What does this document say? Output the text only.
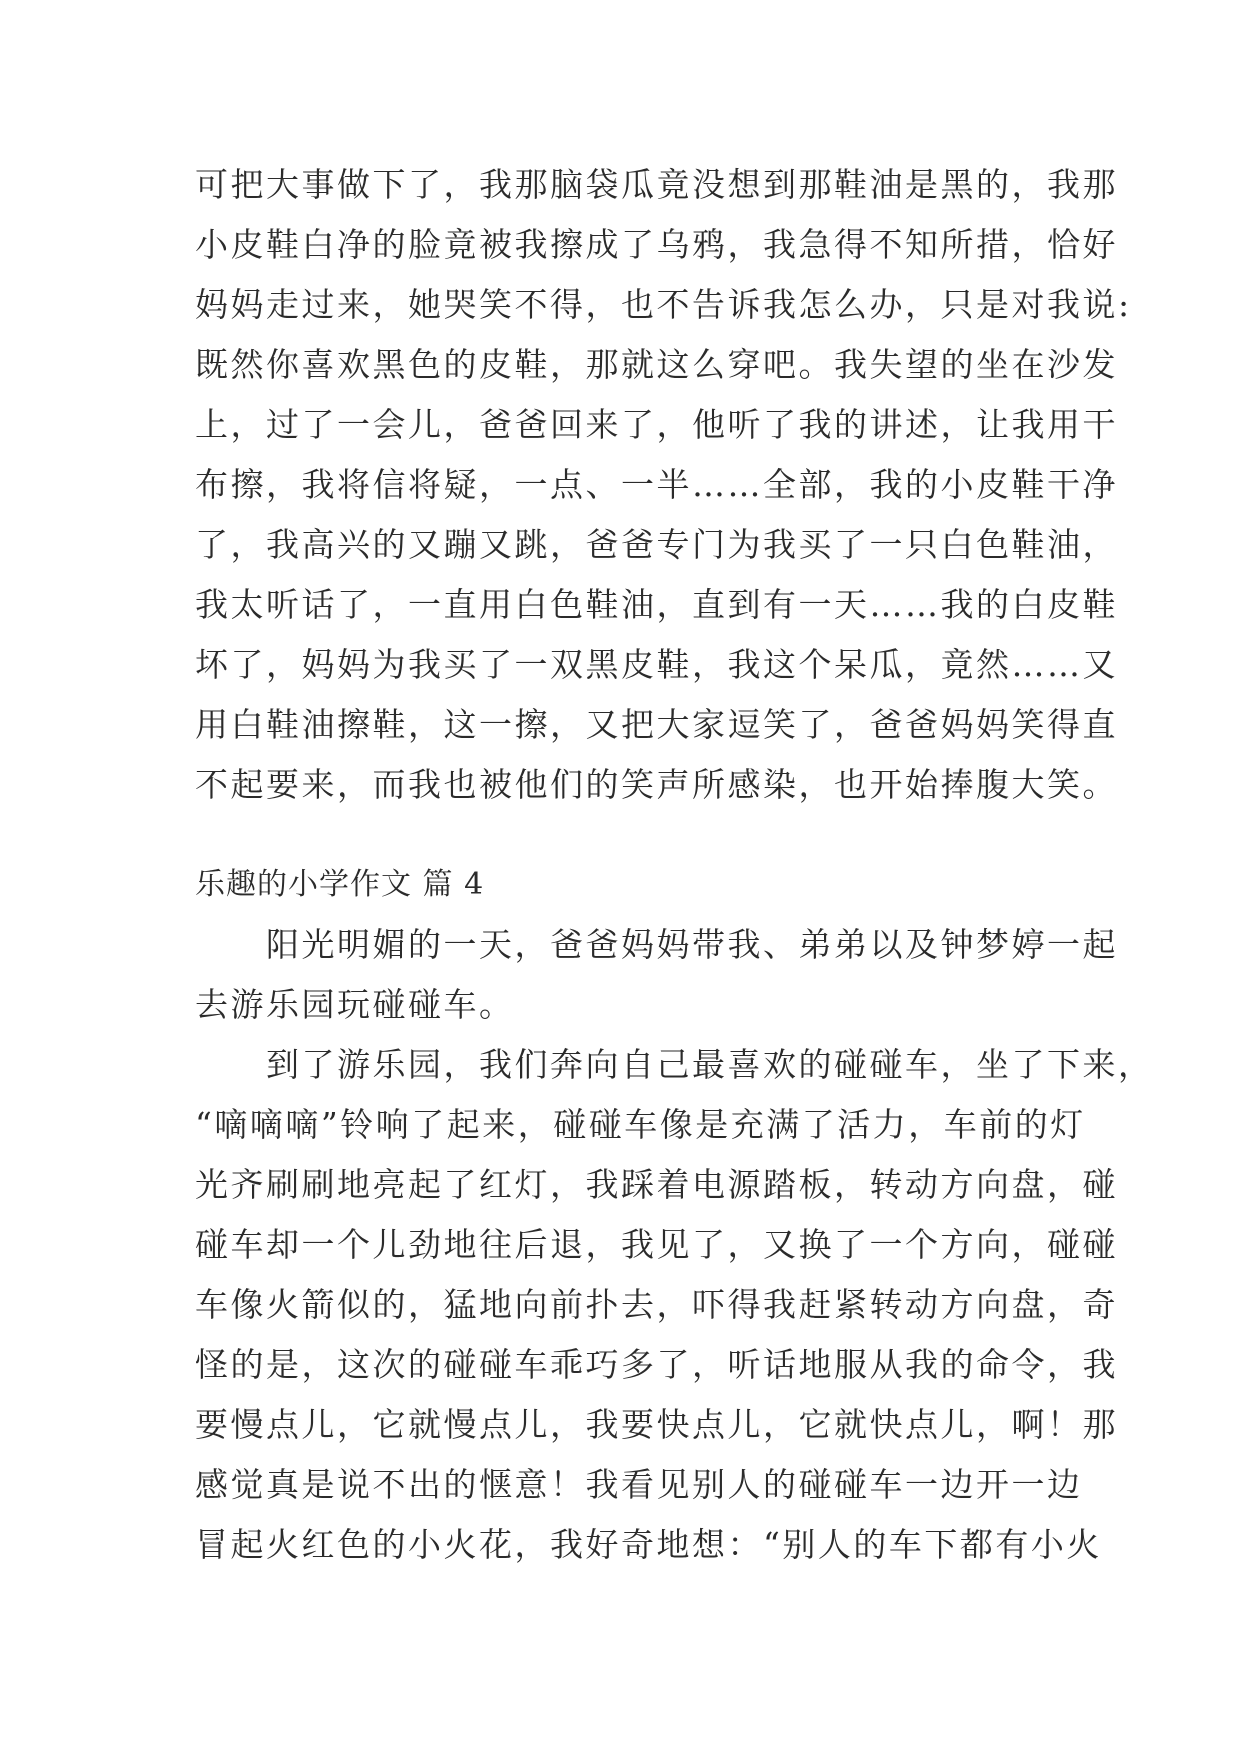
可把大事做下了，我那脑袋瓜竟没想到那鞋油是黑的，我那
小皮鞋白净的脸竟被我擦成了乌鸦，我急得不知所措，恰好
妈妈走过来，她哭笑不得，也不告诉我怎么办，只是对我说:
既然你喜欢黑色的皮鞋，那就这么穿吧。我失望的坐在沙发
上，过了一会儿，爸爸回来了，他听了我的讲述，让我用干
布擦，我将信将疑，一点、一半……全部，我的小皮鞋干净
了，我高兴的又蹦又跳，爸爸专门为我买了一只白色鞋油，
我太听话了，一直用白色鞋油，直到有一天……我的白皮鞋
坏了，妈妈为我买了一双黑皮鞋，我这个呆瓜，竟然……又
用白鞋油擦鞋，这一擦，又把大家逗笑了，爸爸妈妈笑得直
不起要来，而我也被他们的笑声所感染，也开始捧腹大笑。
乐趣的小学作文 篇 4
　　阳光明媚的一天，爸爸妈妈带我、弟弟以及钟梦婷一起
去游乐园玩碰碰车。
　　到了游乐园，我们奔向自己最喜欢的碰碰车，坐了下来，
“嘀嘀嘀”铃响了起来，碰碰车像是充满了活力，车前的灯
光齐刷刷地亮起了红灯，我踩着电源踏板，转动方向盘，碰
碰车却一个儿劲地往后退，我见了，又换了一个方向，碰碰
车像火箭似的，猛地向前扑去，吓得我赶紧转动方向盘，奇
怪的是，这次的碰碰车乖巧多了，听话地服从我的命令，我
要慢点儿，它就慢点儿，我要快点儿，它就快点儿，啊！那
感觉真是说不出的惬意！我看见别人的碰碰车一边开一边
冒起火红色的小火花，我好奇地想：“别人的车下都有小火
